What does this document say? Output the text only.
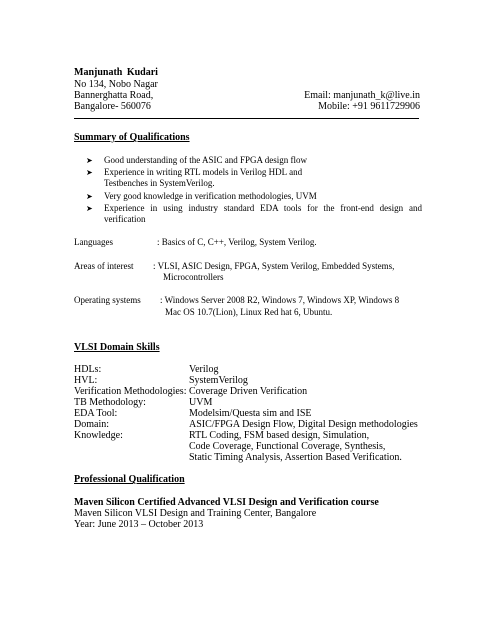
Manjunath Kudari
No 134, Nobo Nagar
Bannerghatta Road,
Bangalore- 560076
Email: manjunath_k@live.in
Mobile: +91 9611729906
Summary of Qualifications
➤ Good understanding of the ASIC and FPGA design flow
➤ Experience in writing RTL models in Verilog HDL and Testbenches in SystemVerilog.
➤ Very good knowledge in verification methodologies, UVM
➤ Experience in using industry standard EDA tools for the front-end design and verification
Languages	: Basics of C, C++, Verilog, System Verilog.
Areas of interest : VLSI, ASIC Design, FPGA, System Verilog, Embedded Systems,
Microcontrollers
Operating systems : Windows Server 2008 R2, Windows 7, Windows XP, Windows 8
Mac OS 10.7(Lion), Linux Red hat 6, Ubuntu.
VLSI Domain Skills
HDLs:	Verilog
HVL:	SystemVerilog
Verification Methodologies: Coverage Driven Verification
TB Methodology:	UVM
EDA Tool:	Modelsim/Questa sim and ISE
Domain:	ASIC/FPGA Design Flow, Digital Design methodologies
Knowledge:	RTL Coding, FSM based design, Simulation,
Code Coverage, Functional Coverage, Synthesis,
Static Timing Analysis, Assertion Based Verification.
Professional Qualification
Maven Silicon Certified Advanced VLSI Design and Verification course
Maven Silicon VLSI Design and Training Center, Bangalore
Year: June 2013 – October 2013
